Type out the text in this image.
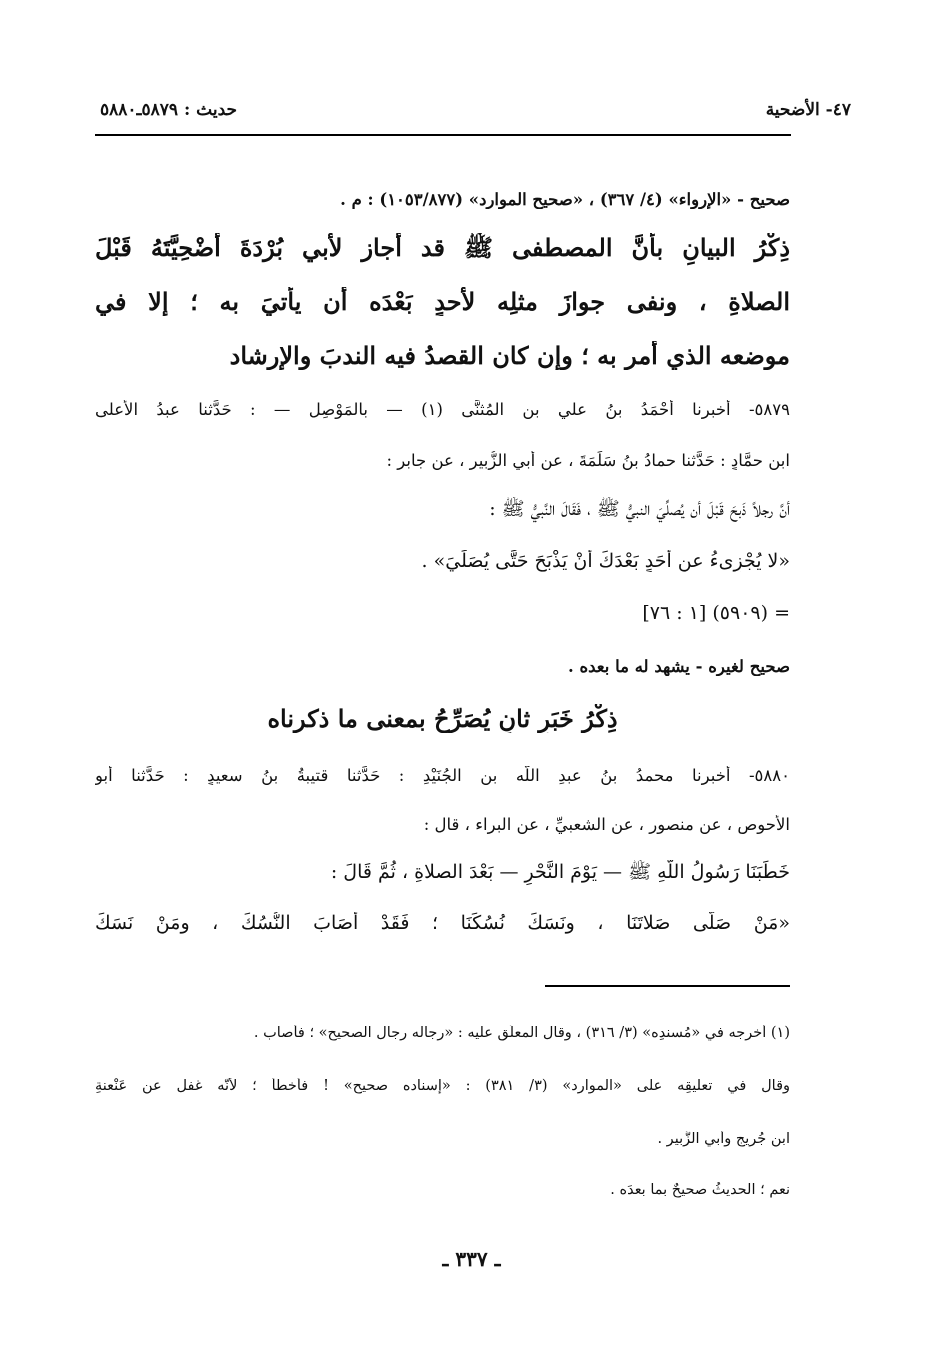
٤٧- الأضحية
حديث : ٥٨٧٩ـ٥٨٨٠
صحيح - «الإرواء» (٤/ ٣٦٧) ، «صحيح الموارد» (١٠٥٣/٨٧٧) : م .
ذِكْرُ البيانِ بأنَّ المصطفى ﷺ قد أجاز لأبي بُرْدَةَ أُضْحِيَّتَهُ قَبْلَ
الصلاةِ ، ونفى جوازَ مثلِه لأحدٍ بَعْدَه أن يأتيَ به ؛ إلا في
موضعه الذي أمر به ؛ وإن كان القصدُ فيه الندبَ والإرشاد
٥٨٧٩- أخبرنا أَحْمَدُ بنُ علي بنِ المُثنَّى (١) — بالمَوْصِلِ — : حَدَّثنا عبدُ الأعلى
ابن حمَّادٍ : حَدَّثنا حمادُ بنُ سَلَمَةَ ، عن أبي الزُّبير ، عن جابر :
أنَّ رجلاً ذَبحَ قَبْلَ أن يُصلِّيَ النبيُّ ﷺ ، فَقَالَ النَّبيُّ ﷺ :
«لا يُجْزِىءُ عن أَحَدٍ بَعْدَكَ أَنْ يَذْبَحَ حَتَّى يُصَلِّيَ» .
= (٥٩٠٩) [١ : ٧٦]
صحيح لغيره - يشهد له ما بعده .
ذِكْرُ خَبَرٍ ثانٍ يُصَرِّحُ بمعنى ما ذكرناه
٥٨٨٠- أخبرنا محمدُ بنُ عبدِ اللَّه بنِ الجُنَيْدِ : حَدَّثنا قتيبةُ بنُ سعيدٍ : حَدَّثنا أبو
الأحوص ، عن منصور ، عن الشعبيِّ ، عن البراء ، قال :
خَطَبَنَا رَسُولُ اللَّهِ ﷺ — يَوْمَ النَّحْرِ — بَعْدَ الصلاةِ ، ثُمَّ قَالَ :
«مَنْ صَلَّى صَلاتَنَا ، ونَسَكَ نُسُكَنَا ؛ فَقَدْ أَصَابَ النُّسُكَ ، ومَنْ نَسَكَ
(١) أخرجه في «مُسندِه» (٣/ ٣١٦) ، وقال المعلِّق عليه : «رجاله رجال الصحيح» ؛ فأصاب .
وقال في تعليقِه على «الموارد» (٣/ ٣٨١) : «إسناده صحيح» ! فأخطأ ؛ لأنَّه غفل عن عَنْعنةِ
ابنِ جُريجٍ وأبي الزُّبير .
نعم ؛ الحديثُ صحيحٌ بما بعدَه .
ـ ٣٣٧ ـ
